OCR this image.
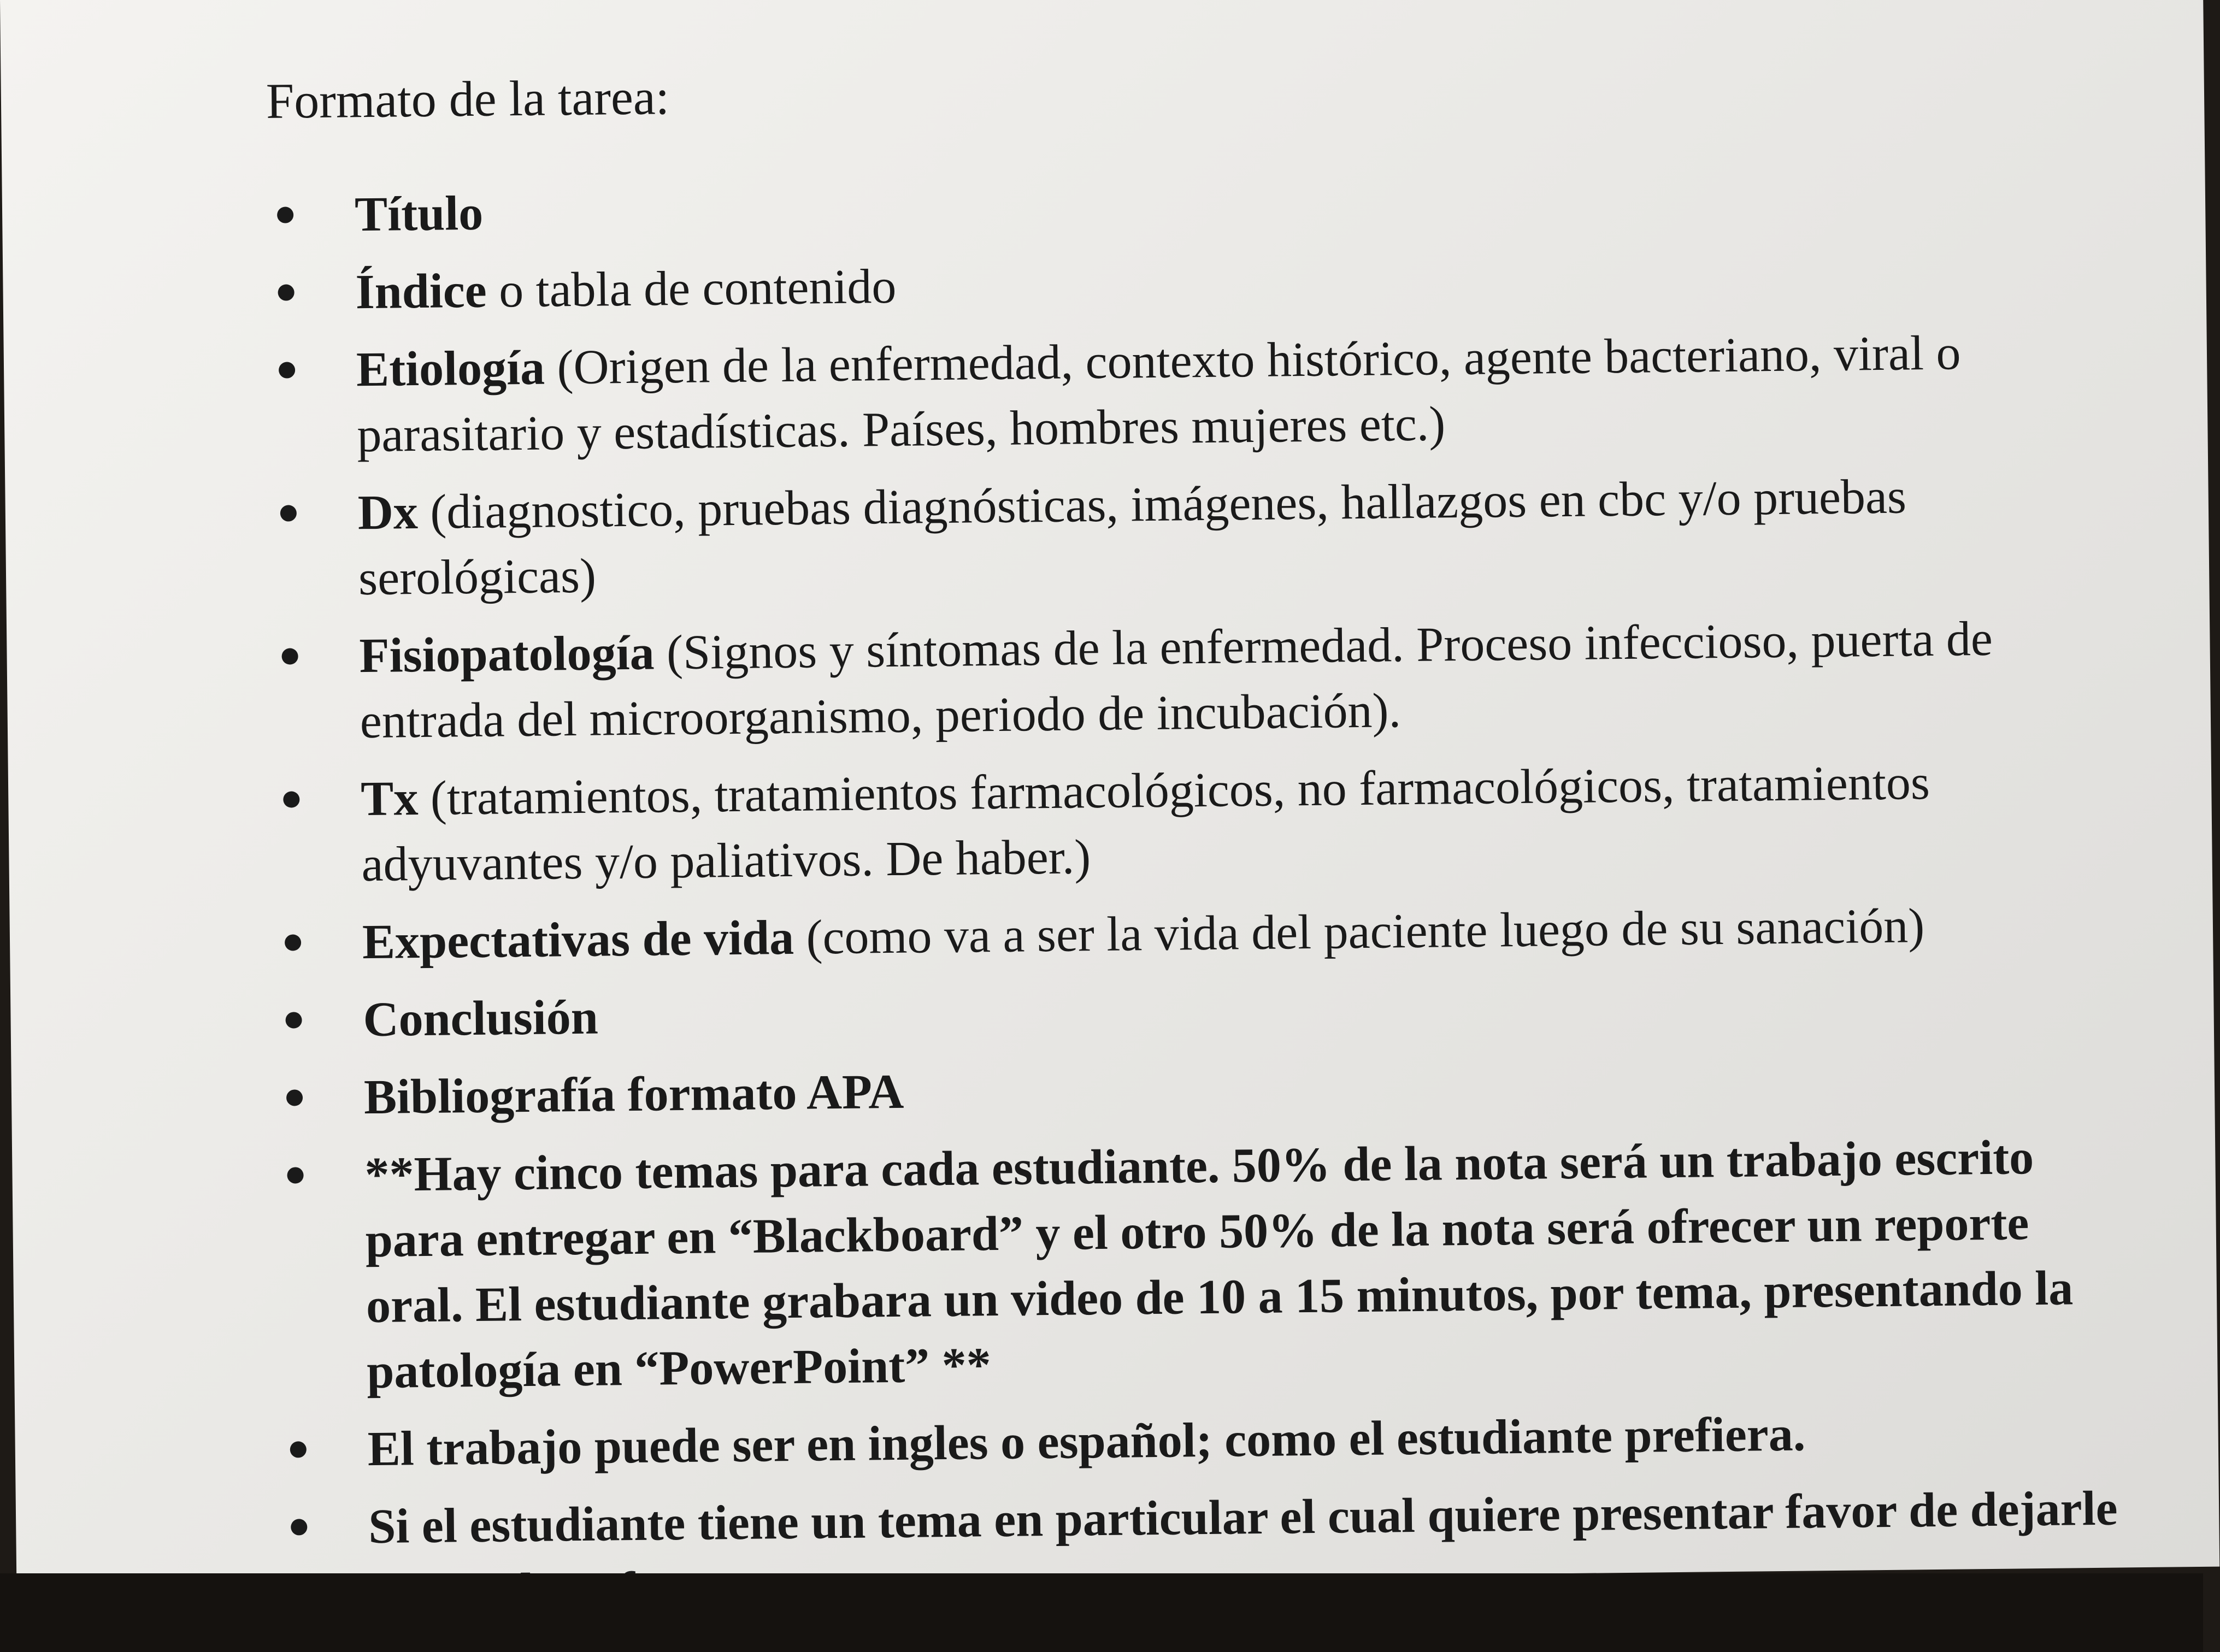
Formato de la tarea:
Título
Índice o tabla de contenido
Etiología (Origen de la enfermedad, contexto histórico, agente bacteriano, viral o parasitario y estadísticas. Países, hombres mujeres etc.)
Dx (diagnostico, pruebas diagnósticas, imágenes, hallazgos en cbc y/o pruebas serológicas)
Fisiopatología (Signos y síntomas de la enfermedad. Proceso infeccioso, puerta de entrada del microorganismo, periodo de incubación).
Tx (tratamientos, tratamientos farmacológicos, no farmacológicos, tratamientos adyuvantes y/o paliativos. De haber.)
Expectativas de vida (como va a ser la vida del paciente luego de su sanación)
Conclusión
Bibliografía formato APA
**Hay cinco temas para cada estudiante. 50% de la nota será un trabajo escrito para entregar en “Blackboard” y el otro 50% de la nota será ofrecer un reporte oral. El estudiante grabara un video de 10 a 15 minutos, por tema, presentando la patología en “PowerPoint” **
El trabajo puede ser en ingles o español; como el estudiante prefiera.
Si el estudiante tiene un tema en particular el cual quiere presentar favor de dejarle
